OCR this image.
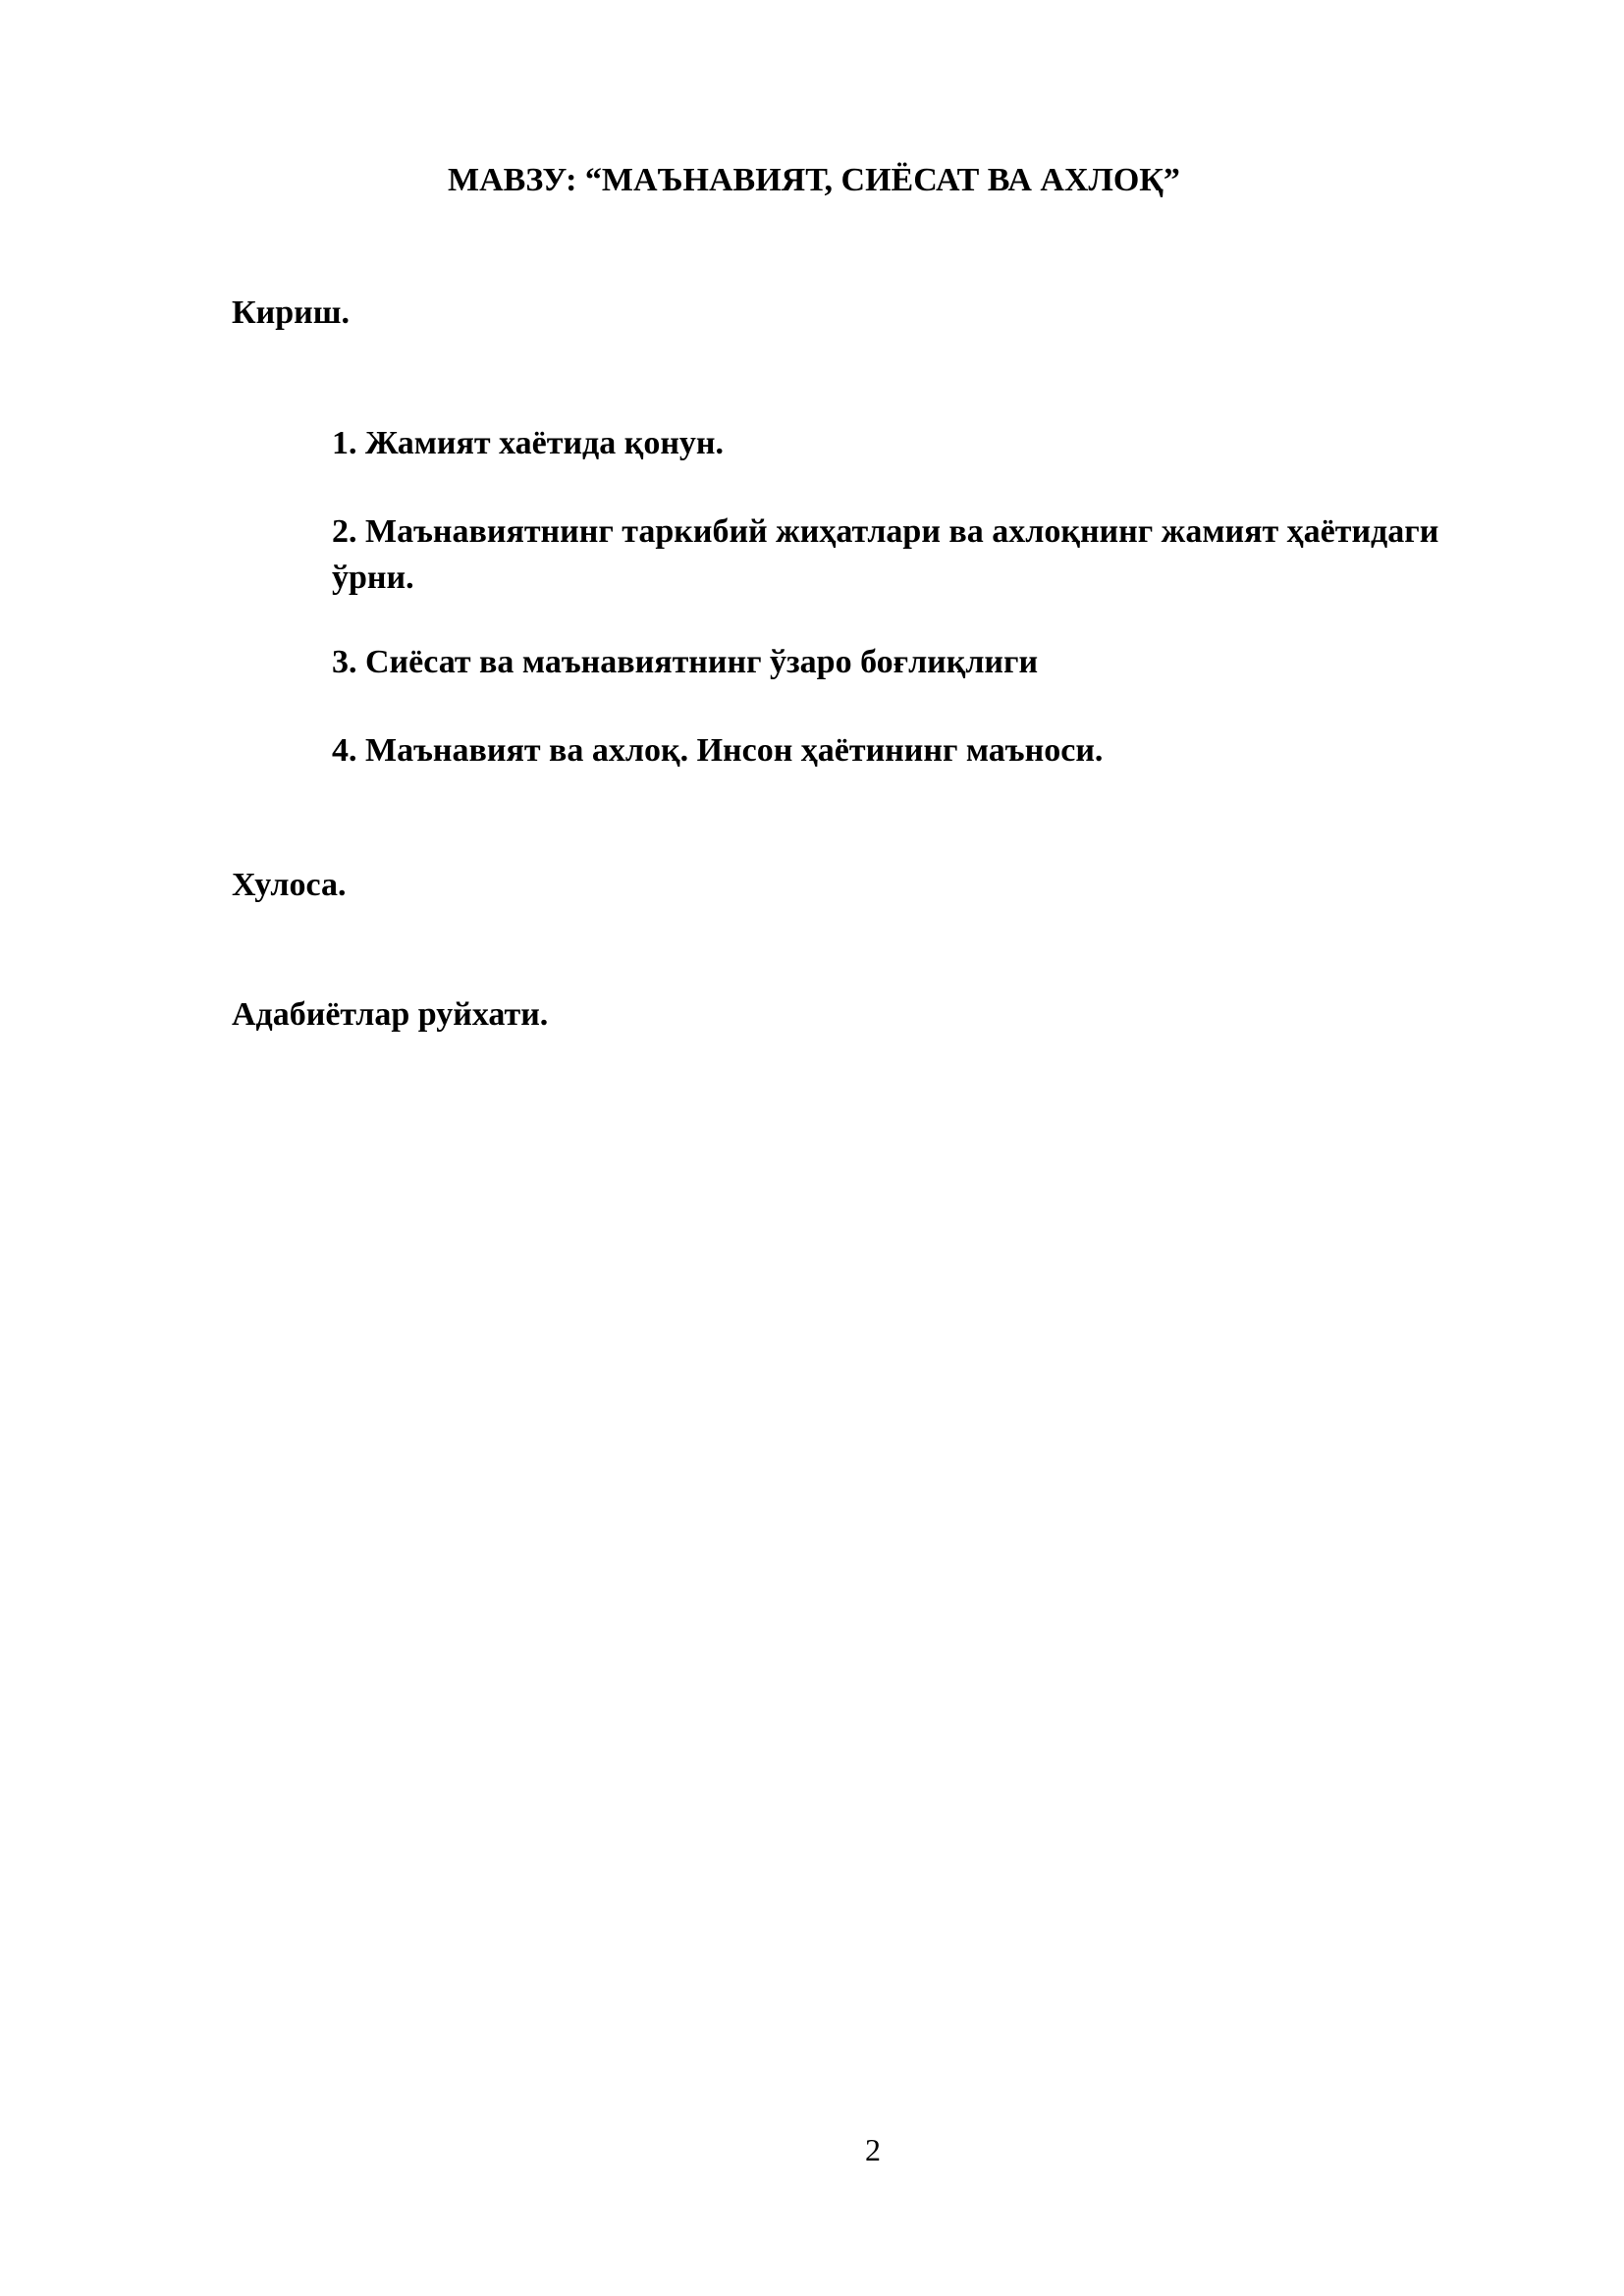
МАВЗУ: “МАЪНАВИЯТ, СИЁСАТ ВА АХЛОҚ”
Кириш.
1. Жамият хаётида қонун.
2. Маънавиятнинг таркибий жиҳатлари ва ахлоқнинг жамият ҳаётидаги ўрни.
3. Сиёсат ва маънавиятнинг ўзаро боғлиқлиги
4. Маънавият ва ахлоқ. Инсон ҳаётининг маъноси.
Хулоса.
Адабиётлар руйхати.
2
